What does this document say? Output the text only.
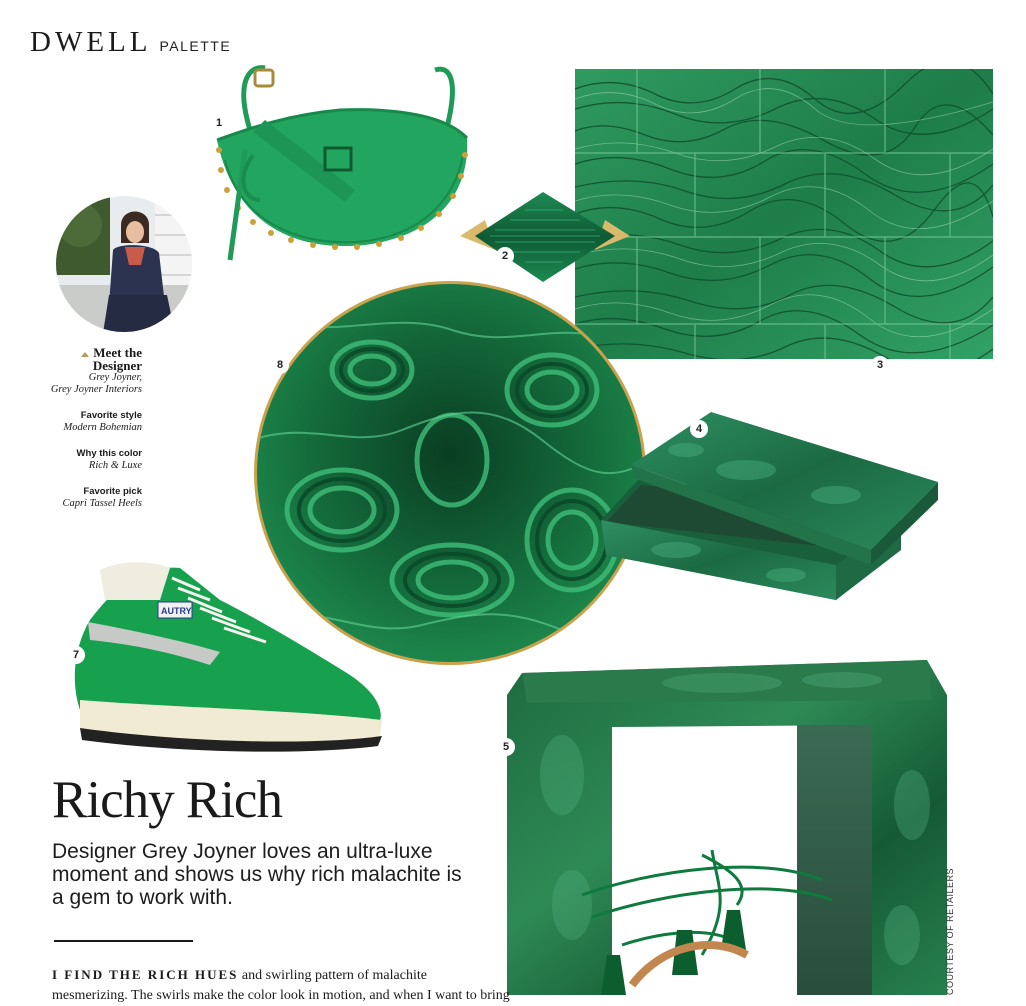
DWELL PALETTE
3
1
2
Meet the
Designer
Grey Joyner,
Grey Joyner Interiors
Favorite style
Modern Bohemian
Why this color
Rich & Luxe
Favorite pick
Capri Tassel Heels
8
4
AUTRY
7
5
Richy Rich
Designer Grey Joyner loves an ultra-luxe moment and shows us why rich malachite is a gem to work with.
I FIND THE RICH HUES and swirling pattern of malachite
mesmerizing. The swirls make the color look in motion, and when I want to bring
COURTESY OF RETAILERS
